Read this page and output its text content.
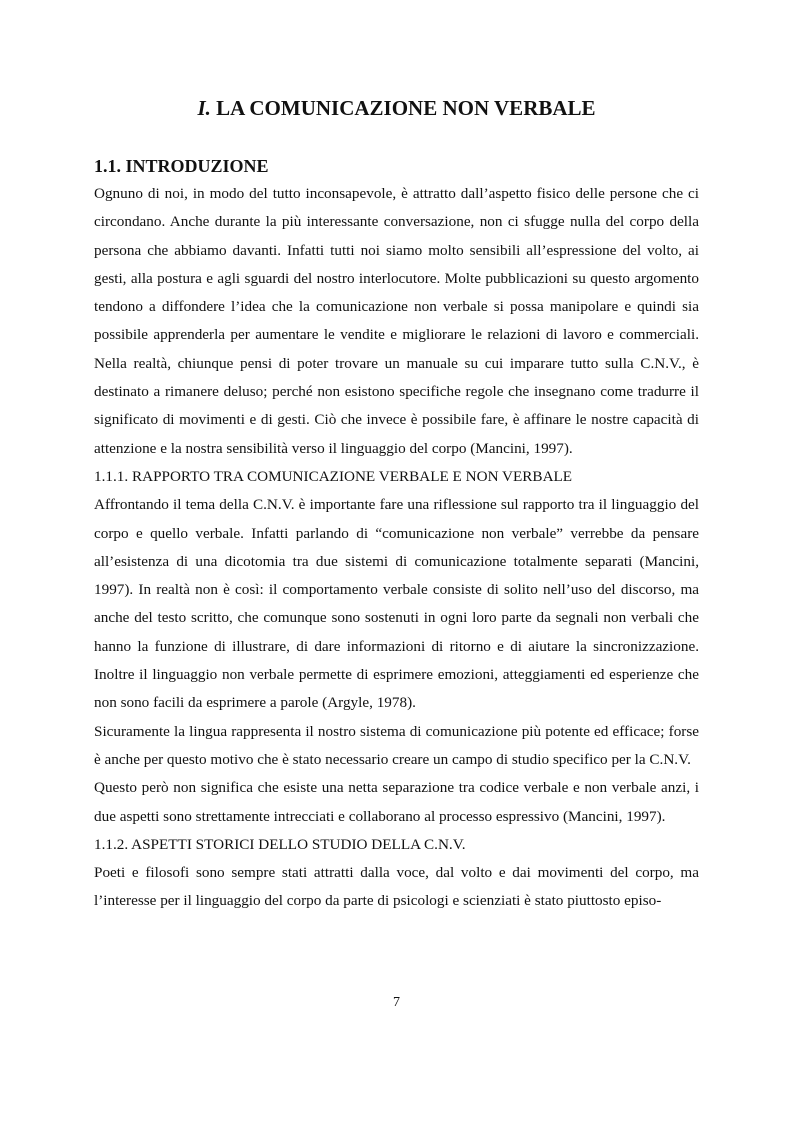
I. LA COMUNICAZIONE NON VERBALE
1.1. INTRODUZIONE

Ognuno di noi, in modo del tutto inconsapevole, è attratto dall’aspetto fisico delle persone che ci circondano. Anche durante la più interessante conversazione, non ci sfugge nulla del corpo della persona che abbiamo davanti. Infatti tutti noi siamo molto sensibili all’espressione del volto, ai gesti, alla postura e agli sguardi del nostro interlocutore. Molte pubblicazioni su questo argomento tendono a diffondere l’idea che la comunicazione non verbale si possa manipolare e quindi sia possibile apprenderla per aumentare le vendite e migliorare le relazioni di lavoro e commerciali. Nella realtà, chiunque pensi di poter trovare un manuale su cui imparare tutto sulla C.N.V., è destinato a rimanere deluso; perché non esistono specifiche regole che insegnano come tradurre il significato di movimenti e di gesti. Ciò che invece è possibile fare, è affinare le nostre capacità di attenzione e la nostra sensibilità verso il linguaggio del corpo (Mancini, 1997).

1.1.1. RAPPORTO TRA COMUNICAZIONE VERBALE E NON VERBALE

Affrontando il tema della C.N.V. è importante fare una riflessione sul rapporto tra il linguaggio del corpo e quello verbale. Infatti parlando di “comunicazione non verbale” verrebbe da pensare all’esistenza di una dicotomia tra due sistemi di comunicazione totalmente separati (Mancini, 1997). In realtà non è così: il comportamento verbale consiste di solito nell’uso del discorso, ma anche del testo scritto, che comunque sono sostenuti in ogni loro parte da segnali non verbali che hanno la funzione di illustrare, di dare informazioni di ritorno e di aiutare la sincronizzazione. Inoltre il linguaggio non verbale permette di esprimere emozioni, atteggiamenti ed esperienze che non sono facili da esprimere a parole (Argyle, 1978).

Sicuramente la lingua rappresenta il nostro sistema di comunicazione più potente ed efficace; forse è anche per questo motivo che è stato necessario creare un campo di studio specifico per la C.N.V.

Questo però non significa che esiste una netta separazione tra codice verbale e non verbale anzi, i due aspetti sono strettamente intrecciati e collaborano al processo espressivo (Mancini, 1997).

1.1.2. ASPETTI STORICI DELLO STUDIO DELLA C.N.V.

Poeti e filosofi sono sempre stati attratti dalla voce, dal volto e dai movimenti del corpo, ma l’interesse per il linguaggio del corpo da parte di psicologi e scienziati è stato piuttosto episo-

7
